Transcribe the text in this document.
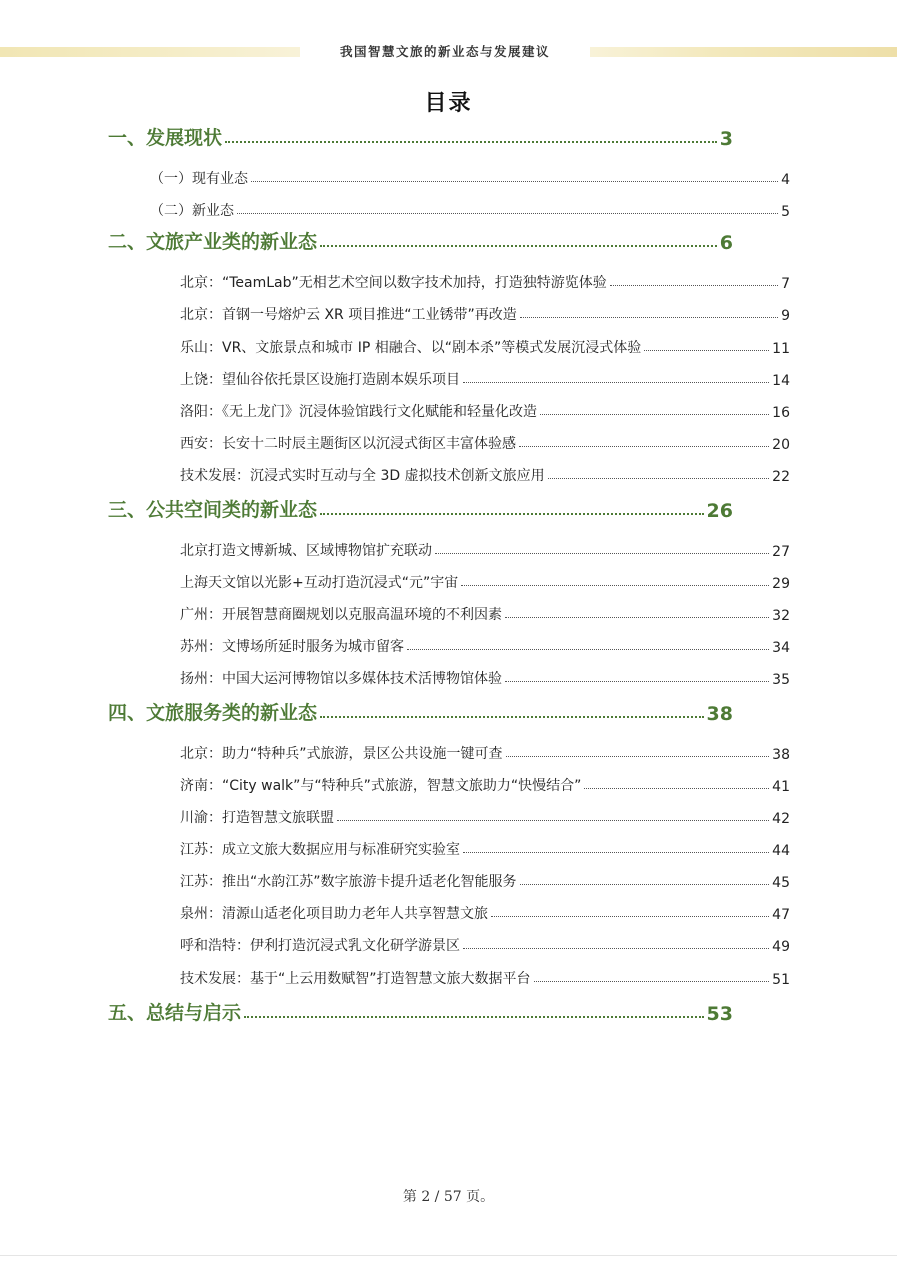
我国智慧文旅的新业态与发展建议
目录
一、发展现状	3
（一）现有业态	4
（二）新业态	5
二、文旅产业类的新业态	6
北京：“TeamLab”无相艺术空间以数字技术加持，打造独特游览体验	7
北京：首钢一号熔炉云 XR 项目推进“工业锈带”再改造	9
乐山：VR、文旅景点和城市 IP 相融合、以“剧本杀”等模式发展沉浸式体验	11
上饶：望仙谷依托景区设施打造剧本娱乐项目	14
洛阳：《无上龙门》沉浸体验馆践行文化赋能和轻量化改造	16
西安：长安十二时辰主题街区以沉浸式街区丰富体验感	20
技术发展：沉浸式实时互动与全 3D 虚拟技术创新文旅应用	22
三、公共空间类的新业态	26
北京打造文博新城、区域博物馆扩充联动	27
上海天文馆以光影+互动打造沉浸式“元”宇宙	29
广州：开展智慧商圈规划以克服高温环境的不利因素	32
苏州：文博场所延时服务为城市留客	34
扬州：中国大运河博物馆以多媒体技术活博物馆体验	35
四、文旅服务类的新业态	38
北京：助力“特种兵”式旅游，景区公共设施一键可查	38
济南：“City walk”与“特种兵”式旅游，智慧文旅助力“快慢结合”	41
川渝：打造智慧文旅联盟	42
江苏：成立文旅大数据应用与标准研究实验室	44
江苏：推出“水韵江苏”数字旅游卡提升适老化智能服务	45
泉州：清源山适老化项目助力老年人共享智慧文旅	47
呼和浩特：伊利打造沉浸式乳文化研学游景区	49
技术发展：基于“上云用数赋智”打造智慧文旅大数据平台	51
五、总结与启示	53
第 2 / 57 页。
